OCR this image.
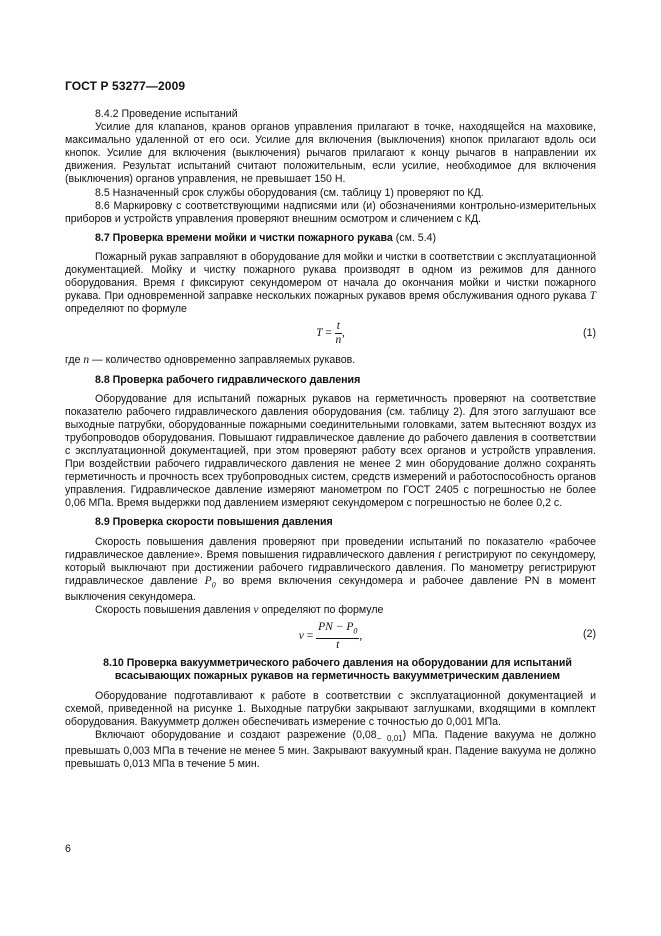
ГОСТ Р 53277—2009

8.4.2 Проведение испытаний

Усилие для клапанов, кранов органов управления прилагают в точке, находящейся на маховике, максимально удаленной от его оси. Усилие для включения (выключения) кнопок прилагают вдоль оси кнопок. Усилие для включения (выключения) рычагов прилагают к концу рычагов в направлении их движения. Результат испытаний считают положительным, если усилие, необходимое для включения (выключения) органов управления, не превышает 150 Н.

8.5 Назначенный срок службы оборудования (см. таблицу 1) проверяют по КД.

8.6 Маркировку с соответствующими надписями или (и) обозначениями контрольно-измерительных приборов и устройств управления проверяют внешним осмотром и сличением с КД.

8.7 Проверка времени мойки и чистки пожарного рукава (см. 5.4)

Пожарный рукав заправляют в оборудование для мойки и чистки в соответствии с эксплуатационной документацией. Мойку и чистку пожарного рукава производят в одном из режимов для данного оборудования. Время t фиксируют секундомером от начала до окончания мойки и чистки пожарного рукава. При одновременной заправке нескольких пожарных рукавов время обслуживания одного рукава T определяют по формуле

$T = \frac{t}{n}$ ,	(1)

где n — количество одновременно заправляемых рукавов.

8.8 Проверка рабочего гидравлического давления

Оборудование для испытаний пожарных рукавов на герметичность проверяют на соответствие показателю рабочего гидравлического давления оборудования (см. таблицу 2). Для этого заглушают все выходные патрубки, оборудованные пожарными соединительными головками, затем вытесняют воздух из трубопроводов оборудования. Повышают гидравлическое давление до рабочего давления в соответствии с эксплуатационной документацией, при этом проверяют работу всех органов и устройств управления. При воздействии рабочего гидравлического давления не менее 2 мин оборудование должно сохранять герметичность и прочность всех трубопроводных систем, средств измерений и работоспособность органов управления. Гидравлическое давление измеряют манометром по ГОСТ 2405 с погрешностью не более 0,06 МПа. Время выдержки под давлением измеряют секундомером с погрешностью не более 0,2 с.

8.9 Проверка скорости повышения давления

Скорость повышения давления проверяют при проведении испытаний по показателю «рабочее гидравлическое давление». Время повышения гидравлического давления t регистрируют по секундомеру, который выключают при достижении рабочего гидравлического давления. По манометру регистрируют гидравлическое давление $P_0$ во время включения секундомера и рабочее давление PN в момент выключения секундомера.

Скорость повышения давления v определяют по формуле

$v = \frac{PN - P_0}{t}$ ,	(2)
8.10 Проверка вакуумметрического рабочего давления на оборудовании для испытаний всасывающих пожарных рукавов на герметичность вакуумметрическим давлением

Оборудование подготавливают к работе в соответствии с эксплуатационной документацией и схемой, приведенной на рисунке 1. Выходные патрубки закрывают заглушками, входящими в комплект оборудования. Вакуумметр должен обеспечивать измерение с точностью до 0,001 МПа.

Включают оборудование и создают разрежение $(0,08_{- 0,01})$ МПа. Падение вакуума не должно превышать 0,003 МПа в течение не менее 5 мин. Закрывают вакуумный кран. Падение вакуума не должно превышать 0,013 МПа в течение 5 мин.

6
